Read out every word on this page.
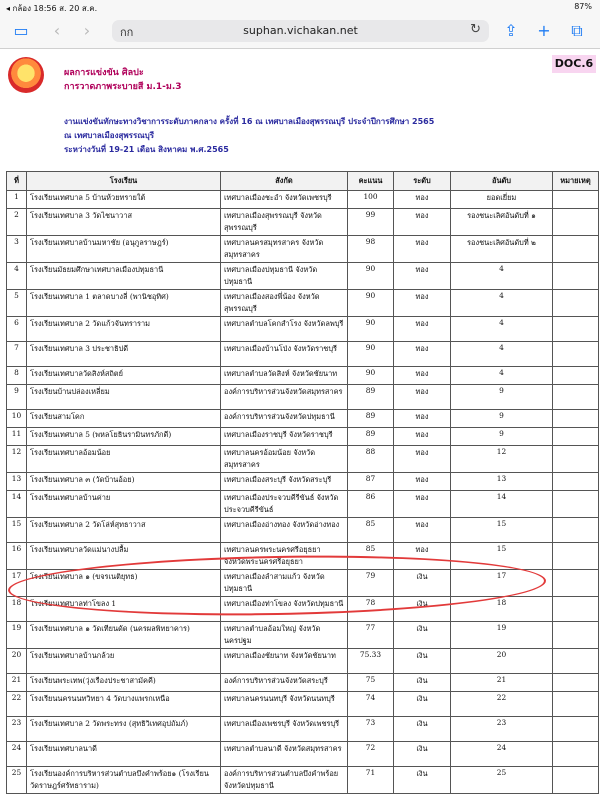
◂ กล้อง 18:56 ส. 20 ส.ค.	87%
▭	‹	›	กก	suphan.vichakan.net	↻ ⇪ +	⧉
ผลการแข่งขัน ศิลปะ
การวาดภาพระบายสี ม.1-ม.3
DOC.6
งานแข่งขันทักษะทางวิชาการระดับภาคกลาง ครั้งที่ 16 ณ เทศบาลเมืองสุพรรณบุรี ประจำปีการศึกษา 2565
ณ เทศบาลเมืองสุพรรณบุรี
ระหว่างวันที่ 19-21 เดือน สิงหาคม พ.ศ.2565
ที่	โรงเรียน	สังกัด	คะแนน	ระดับ	อันดับ	หมายเหตุ
1	โรงเรียนเทศบาล 5 บ้านห้วยทรายใต้	เทศบาลเมืองชะอำ จังหวัดเพชรบุรี	100	ทอง	ยอดเยี่ยม	
2	โรงเรียนเทศบาล 3 วัดไชนาวาส	เทศบาลเมืองสุพรรณบุรี จังหวัดสุพรรณบุรี	99	ทอง	รองชนะเลิศอันดับที่ ๑	
3	โรงเรียนเทศบาลบ้านมหาชัย (อนุกูลราษฎร์)	เทศบาลนครสมุทรสาคร จังหวัดสมุทรสาคร	98	ทอง	รองชนะเลิศอันดับที่ ๒	
4	โรงเรียนมัธยมศึกษาเทศบาลเมืองปทุมธานี	เทศบาลเมืองปทุมธานี จังหวัดปทุมธานี	90	ทอง	4	
5	โรงเรียนเทศบาล 1 ตลาดบางลี่ (พานิชอุทิศ)	เทศบาลเมืองสองพี่น้อง จังหวัดสุพรรณบุรี	90	ทอง	4	
6	โรงเรียนเทศบาล 2 วัดแก้วจันทราราม	เทศบาลตำบลโคกสำโรง จังหวัดลพบุรี	90	ทอง	4	
7	โรงเรียนเทศบาล 3 ประชาธิปดี	เทศบาลเมืองบ้านโป่ง จังหวัดราชบุรี	90	ทอง	4	
8	โรงเรียนเทศบาลวัดสิงห์สถิตย์	เทศบาลตำบลวัดสิงห์ จังหวัดชัยนาท	90	ทอง	4	
9	โรงเรียนบ้านปล่องเหลี่ยม	องค์การบริหารส่วนจังหวัดสมุทรสาคร	89	ทอง	9	
10	โรงเรียนสามโคก	องค์การบริหารส่วนจังหวัดปทุมธานี	89	ทอง	9	
11	โรงเรียนเทศบาล 5 (พหลโยธินรามินทรภักดี)	เทศบาลเมืองราชบุรี จังหวัดราชบุรี	89	ทอง	9	
12	โรงเรียนเทศบาลอ้อมน้อย	เทศบาลนครอ้อมน้อย จังหวัดสมุทรสาคร	88	ทอง	12	
13	โรงเรียนเทศบาล ๓ (วัดบ้านอ้อย)	เทศบาลเมืองสระบุรี จังหวัดสระบุรี	87	ทอง	13	
14	โรงเรียนเทศบาลบ้านค่าย	เทศบาลเมืองประจวบคีรีขันธ์ จังหวัดประจวบคีรีขันธ์	86	ทอง	14	
15	โรงเรียนเทศบาล 2 วัดโล่ห์สุทธาวาส	เทศบาลเมืองอ่างทอง จังหวัดอ่างทอง	85	ทอง	15	
16	โรงเรียนเทศบาลวัดแม่นางปลื้ม	เทศบาลนครพระนครศรีอยุธยา จังหวัดพระนครศรีอยุธยา	85	ทอง	15	
17	โรงเรียนเทศบาล ๑ (ขจรเนติยุทธ)	เทศบาลเมืองลำสามแก้ว จังหวัดปทุมธานี	79	เงิน	17	
18	โรงเรียนเทศบาลท่าโขลง 1	เทศบาลเมืองท่าโขลง จังหวัดปทุมธานี	78	เงิน	18	
19	โรงเรียนเทศบาล ๑ วัดเทียนดัด (นครผลพิทยาคาร)	เทศบาลตำบลอ้อมใหญ่ จังหวัดนครปฐม	77	เงิน	19	
20	โรงเรียนเทศบาลบ้านกล้วย	เทศบาลเมืองชัยนาท จังหวัดชัยนาท	75.33	เงิน	20	
21	โรงเรียนพระเทพ(วุ่งเรืองประชาสามัคคี)	องค์การบริหารส่วนจังหวัดสระบุรี	75	เงิน	21	
22	โรงเรียนนครนนทวิทยา 4 วัดบางแพรกเหนือ	เทศบาลนครนนทบุรี จังหวัดนนทบุรี	74	เงิน	22	
23	โรงเรียนเทศบาล 2 วัดพระทรง (สุทธิวิเทศอุปถัมภ์)	เทศบาลเมืองเพชรบุรี จังหวัดเพชรบุรี	73	เงิน	23	
24	โรงเรียนเทศบาลนาดี	เทศบาลตำบลนาดี จังหวัดสมุทรสาคร	72	เงิน	24	
25	โรงเรียนองค์การบริหารส่วนตำบลบึงคำพร้อย๑ (โรงเรียนวัดราษฎร์ศรัทธาราม)	องค์การบริหารส่วนตำบลบึงคำพร้อย จังหวัดปทุมธานี	71	เงิน	25	
